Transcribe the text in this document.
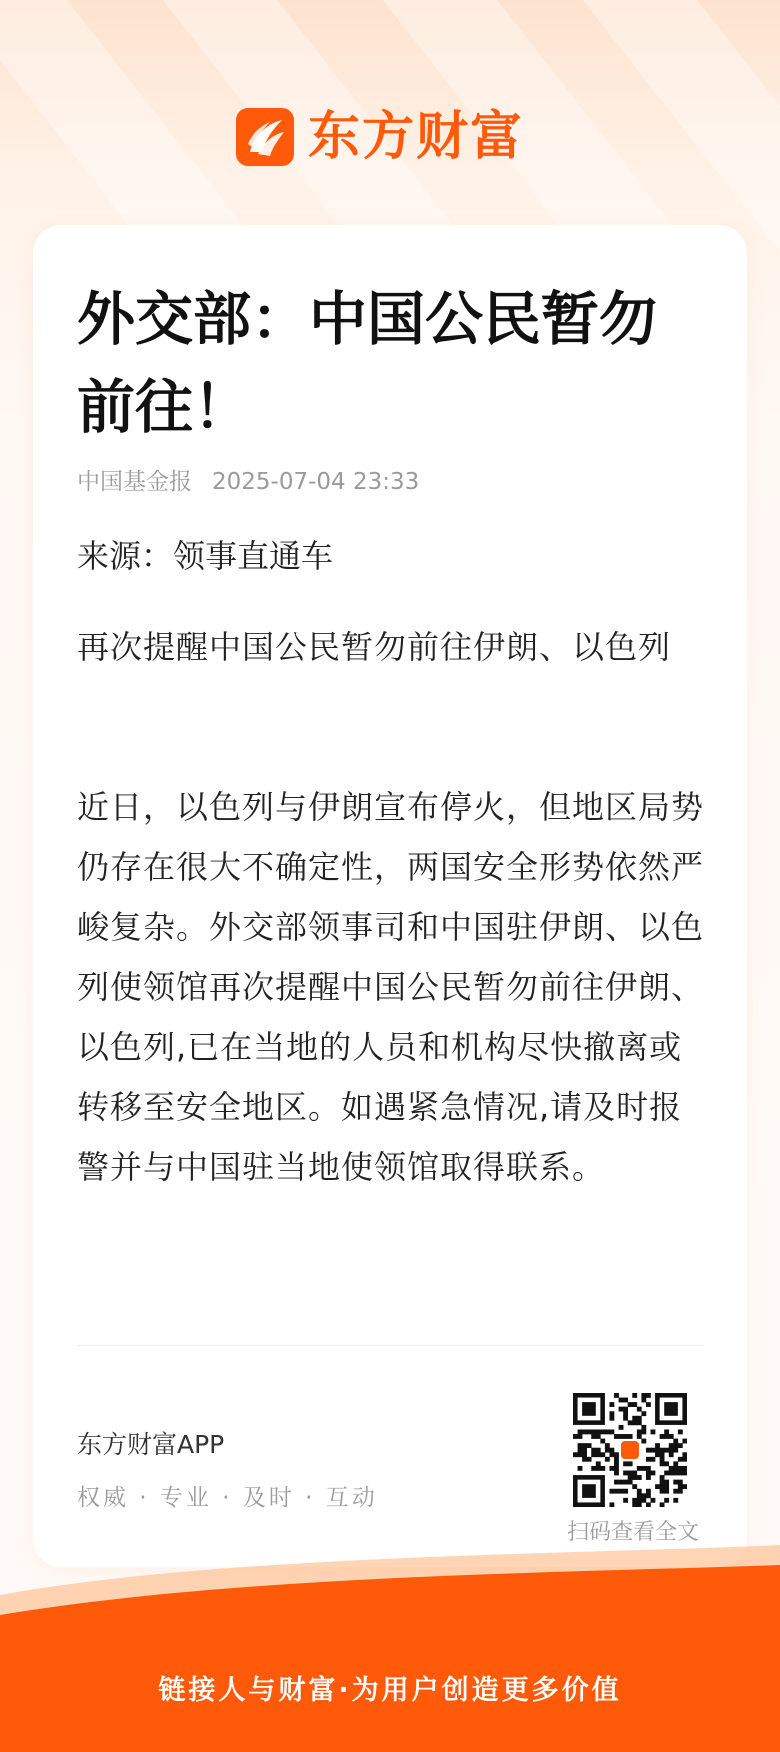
东方财富
外交部：中国公民暂勿前往！
中国基金报 2025-07-04 23:33
来源：领事直通车

再次提醒中国公民暂勿前往伊朗、以色列

近日，以色列与伊朗宣布停火，但地区局势仍存在很大不确定性，两国安全形势依然严峻复杂。外交部领事司和中国驻伊朗、以色列使领馆再次提醒中国公民暂勿前往伊朗、以色列,已在当地的人员和机构尽快撤离或转移至安全地区。如遇紧急情况,请及时报警并与中国驻当地使领馆取得联系。

东方财富APP
权威 · 专业 · 及时 · 互动
扫码查看全文
链接人与财富·为用户创造更多价值
